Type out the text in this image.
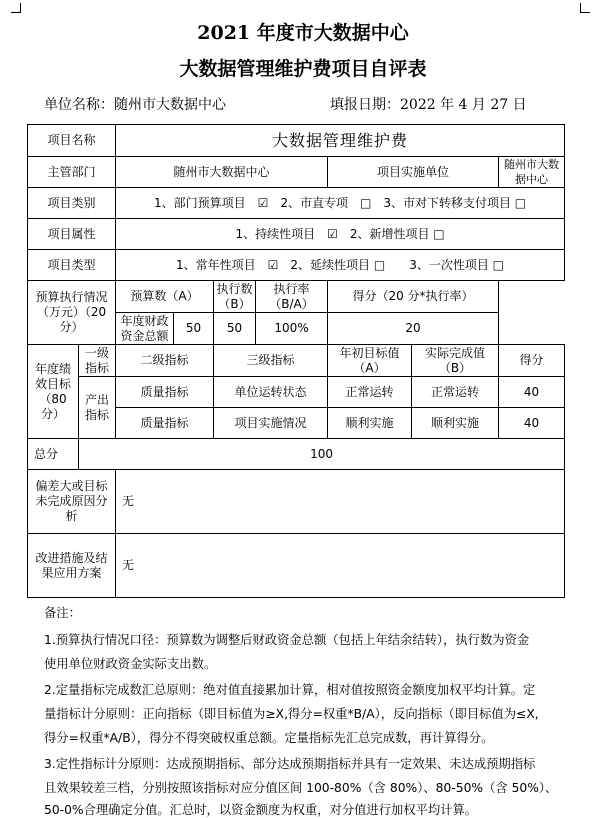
2021 年度市大数据中心
大数据管理维护费项目自评表
单位名称：随州市大数据中心	填报日期：2022 年 4 月 27 日
项目名称		大数据管理维护费						
主管部门		随州市大数据中心				项目实施单位		随州市大数据中心
项目类别		1、部门预算项目　☑　2、市直专项　□　3、市对下转移支付项目 □						
项目属性		1、持续性项目　☑　2、新增性项目 □						
项目类型		1、常年性项目　☑　2、延续性项目 □　　3、一次性项目 □						
预算执行情况（万元）（20 分）		预算数（A）		执行数（B）	执行率（B/A）	得分（20 分*执行率）		
		年度财政资金总额	50	50	100%	20		
年度绩效目标（80 分）	一级指标	二级指标		三级指标		年初目标值（A）	实际完成值（B）	得分
	产出指标	质量指标		单位运转状态		正常运转	正常运转	40
		质量指标		项目实施情况		顺利实施	顺利实施	40
总分	100							
偏差大或目标未完成原因分析		无						
改进措施及结果应用方案		无						
备注：
1.预算执行情况口径：预算数为调整后财政资金总额（包括上年结余结转），执行数为资金
使用单位财政资金实际支出数。
2.定量指标完成数汇总原则：绝对值直接累加计算，相对值按照资金额度加权平均计算。定
量指标计分原则：正向指标（即目标值为≥X,得分=权重*B/A），反向指标（即目标值为≤X,
得分=权重*A/B），得分不得突破权重总额。定量指标先汇总完成数，再计算得分。
3.定性指标计分原则：达成预期指标、部分达成预期指标并具有一定效果、未达成预期指标
且效果较差三档，分别按照该指标对应分值区间 100-80%（含 80%）、80-50%（含 50%）、
50-0%合理确定分值。汇总时，以资金额度为权重，对分值进行加权平均计算。
